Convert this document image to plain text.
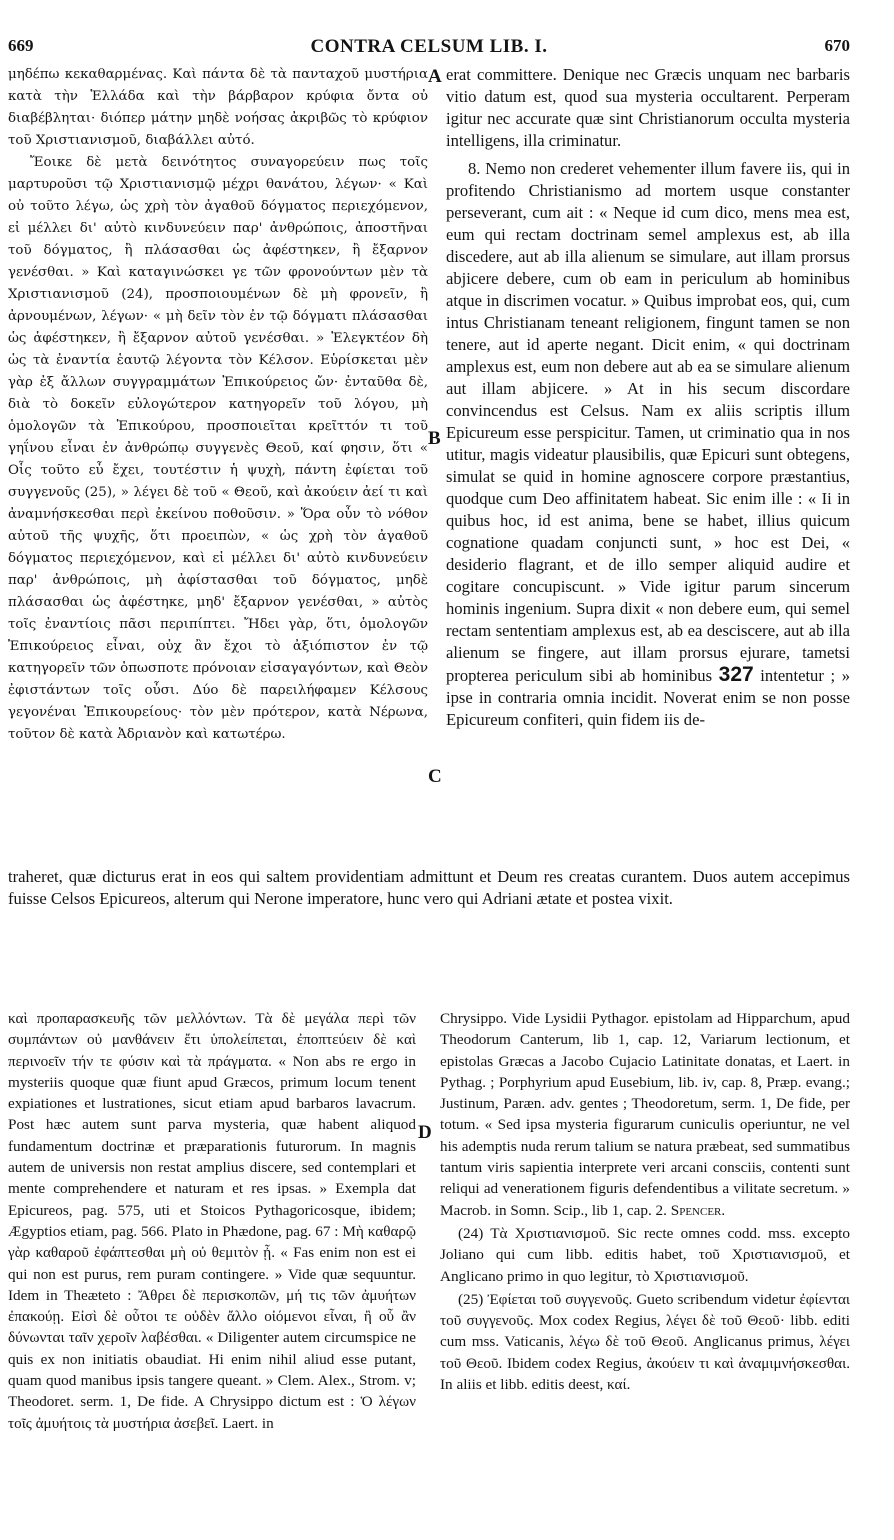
669	CONTRA CELSUM LIB. I.	670

μηδέπω κεκαθαρμένας. Καὶ πάντα δὲ τὰ πανταχοῦ μυστήρια κατὰ τὴν Ἑλλάδα καὶ τὴν βάρβαρον κρύφια ὄντα οὐ διαβέβληται· διόπερ μάτην μηδὲ νοήσας ἀκριβῶς τὸ κρύφιον τοῦ Χριστιανισμοῦ, διαβάλλει αὐτό.

Ἔοικε δὲ μετὰ δεινότητος συναγορεύειν πως τοῖς μαρτυροῦσι τῷ Χριστιανισμῷ μέχρι θανάτου, λέγων· « Καὶ οὐ τοῦτο λέγω, ὡς χρὴ τὸν ἀγαθοῦ δόγματος περιεχόμενον, εἰ μέλλει δι' αὐτὸ κινδυνεύειν παρ' ἀνθρώποις, ἀποστῆναι τοῦ δόγματος, ἢ πλάσασθαι ὡς ἀφέστηκεν, ἢ ἔξαρνον γενέσθαι. » Καὶ καταγινώσκει γε τῶν φρονούντων μὲν τὰ Χριστιανισμοῦ (24), προσποιουμένων δὲ μὴ φρονεῖν, ἢ ἀρνουμένων, λέγων· « μὴ δεῖν τὸν ἐν τῷ δόγματι πλάσασθαι ὡς ἀφέστηκεν, ἢ ἔξαρνον αὐτοῦ γενέσθαι. » Ἐλεγκτέον δὴ ὡς τὰ ἐναντία ἑαυτῷ λέγοντα τὸν Κέλσον. Εὑρίσκεται μὲν γὰρ ἐξ ἄλλων συγγραμμάτων Ἐπικούρειος ὤν· ἐνταῦθα δὲ, διὰ τὸ δοκεῖν εὐλογώτερον κατηγορεῖν τοῦ λόγου, μὴ ὁμολογῶν τὰ Ἐπικούρου, προσποιεῖται κρεῖττόν τι τοῦ γηΐνου εἶναι ἐν ἀνθρώπῳ συγγενὲς Θεοῦ, καί φησιν, ὅτι « Οἷς τοῦτο εὖ ἔχει, τουτέστιν ἡ ψυχὴ, πάντη ἐφίεται τοῦ συγγενοῦς (25), » λέγει δὲ τοῦ « Θεοῦ, καὶ ἀκούειν ἀεί τι καὶ ἀναμνήσκεσθαι περὶ ἐκείνου ποθοῦσιν. » Ὅρα οὖν τὸ νόθον αὐτοῦ τῆς ψυχῆς, ὅτι προειπὼν, « ὡς χρὴ τὸν ἀγαθοῦ δόγματος περιεχόμενον, καὶ εἰ μέλλει δι' αὐτὸ κινδυνεύειν παρ' ἀνθρώποις, μὴ ἀφίστασθαι τοῦ δόγματος, μηδὲ πλάσασθαι ὡς ἀφέστηκε, μηδ' ἔξαρνον γενέσθαι, » αὐτὸς τοῖς ἐναντίοις πᾶσι περιπίπτει. Ἤδει γὰρ, ὅτι, ὁμολογῶν Ἐπικούρειος εἶναι, οὐχ ἂν ἔχοι τὸ ἀξιόπιστον ἐν τῷ κατηγορεῖν τῶν ὁπωσποτε πρόνοιαν εἰσαγαγόντων, καὶ Θεὸν ἐφιστάντων τοῖς οὖσι. Δύο δὲ παρειλήφαμεν Κέλσους γεγονέναι Ἐπικουρείους· τὸν μὲν πρότερον, κατὰ Νέρωνα, τοῦτον δὲ κατὰ Ἀδριανὸν καὶ κατωτέρω.

erat committere. Denique nec Græcis unquam nec barbaris vitio datum est, quod sua mysteria occultarent. Perperam igitur nec accurate quæ sint Christianorum occulta mysteria intelligens, illa criminatur.

8. Nemo non crederet vehementer illum favere iis, qui in profitendo Christianismo ad mortem usque constanter perseverant, cum ait : « Neque id cum dico, mens mea est, eum qui rectam doctrinam semel amplexus est, ab illa discedere, aut ab illa alienum se simulare, aut illam prorsus abjicere debere, cum ob eam in periculum ab hominibus atque in discrimen vocatur. » Quibus improbat eos, qui, cum intus Christianam teneant religionem, fingunt tamen se non tenere, aut id aperte negant. Dicit enim, « qui doctrinam amplexus est, eum non debere aut ab ea se simulare alienum aut illam abjicere. » At in his secum discordare convincendus est Celsus. Nam ex aliis scriptis illum Epicureum esse perspicitur. Tamen, ut criminatio qua in nos utitur, magis videatur plausibilis, quæ Epicuri sunt obtegens, simulat se quid in homine agnoscere corpore præstantius, quodque cum Deo affinitatem habeat. Sic enim ille : « Ii in quibus hoc, id est anima, bene se habet, illius quicum cognatione quadam conjuncti sunt, » hoc est Dei, « desiderio flagrant, et de illo semper aliquid audire et cogitare concupiscunt. » Vide igitur parum sincerum hominis ingenium. Supra dixit « non debere eum, qui semel rectam sententiam amplexus est, ab ea desciscere, aut ab illa alienum se fingere, aut illam prorsus ejurare, tametsi propterea periculum sibi ab hominibus 327 intentetur ; » ipse in contraria omnia incidit. Noverat enim se non posse Epicureum confiteri, quin fidem iis de-

traheret, quæ dicturus erat in eos qui saltem providentiam admittunt et Deum res creatas curantem. Duos autem accepimus fuisse Celsos Epicureos, alterum qui Nerone imperatore, hunc vero qui Adriani ætate et postea vixit.

A
B
C
D

καὶ προπαρασκευῆς τῶν μελλόντων. Τὰ δὲ μεγάλα περὶ τῶν συμπάντων οὐ μανθάνειν ἔτι ὑπολείπεται, ἐποπτεύειν δὲ καὶ περινοεῖν τήν τε φύσιν καὶ τὰ πράγματα. « Non abs re ergo in mysteriis quoque quæ fiunt apud Græcos, primum locum tenent expiationes et lustrationes, sicut etiam apud barbaros lavacrum. Post hæc autem sunt parva mysteria, quæ habent aliquod fundamentum doctrinæ et præparationis futurorum. In magnis autem de universis non restat amplius discere, sed contemplari et mente comprehendere et naturam et res ipsas. » Exempla dat Epicureos, pag. 575, uti et Stoicos Pythagoricosque, ibidem; Ægyptios etiam, pag. 566. Plato in Phædone, pag. 67 : Μὴ καθαρῷ γὰρ καθαροῦ ἐφάπτεσθαι μὴ οὐ θεμιτὸν ᾖ. « Fas enim non est ei qui non est purus, rem puram contingere. » Vide quæ sequuntur. Idem in Theæteto : Ἄθρει δὲ περισκοπῶν, μή τις τῶν ἀμυήτων ἐπακούῃ. Εἰσὶ δὲ οὗτοι τε οὐδὲν ἄλλο οἰόμενοι εἶναι, ἢ οὗ ἂν δύνωνται ταῖν χεροῖν λαβέσθαι. « Diligenter autem circumspice ne quis ex non initiatis obaudiat. Hi enim nihil aliud esse putant, quam quod manibus ipsis tangere queant. » Clem. Alex., Strom. v; Theodoret. serm. 1, De fide. A Chrysippo dictum est : Ὁ λέγων τοῖς ἀμυήτοις τὰ μυστήρια ἀσεβεῖ. Laert. in

Chrysippo. Vide Lysidii Pythagor. epistolam ad Hipparchum, apud Theodorum Canterum, lib 1, cap. 12, Variarum lectionum, et epistolas Græcas a Jacobo Cujacio Latinitate donatas, et Laert. in Pythag. ; Porphyrium apud Eusebium, lib. iv, cap. 8, Præp. evang.; Justinum, Paræn. adv. gentes ; Theodoretum, serm. 1, De fide, per totum. « Sed ipsa mysteria figurarum cuniculis operiuntur, ne vel his ademptis nuda rerum talium se natura præbeat, sed summatibus tantum viris sapientia interprete veri arcani consciis, contenti sunt reliqui ad venerationem figuris defendentibus a vilitate secretum. » Macrob. in Somn. Scip., lib 1, cap. 2. Spencer.

(24) Τὰ Χριστιανισμοῦ. Sic recte omnes codd. mss. excepto Joliano qui cum libb. editis habet, τοῦ Χριστιανισμοῦ, et Anglicano primo in quo legitur, τὸ Χριστιανισμοῦ.

(25) Ἐφίεται τοῦ συγγενοῦς. Gueto scribendum videtur ἐφίενται τοῦ συγγενοῦς. Mox codex Regius, λέγει δὲ τοῦ Θεοῦ· libb. editi cum mss. Vaticanis, λέγω δὲ τοῦ Θεοῦ. Anglicanus primus, λέγει τοῦ Θεοῦ. Ibidem codex Regius, ἀκούειν τι καὶ ἀναμιμνήσκεσθαι. In aliis et libb. editis deest, καί.
